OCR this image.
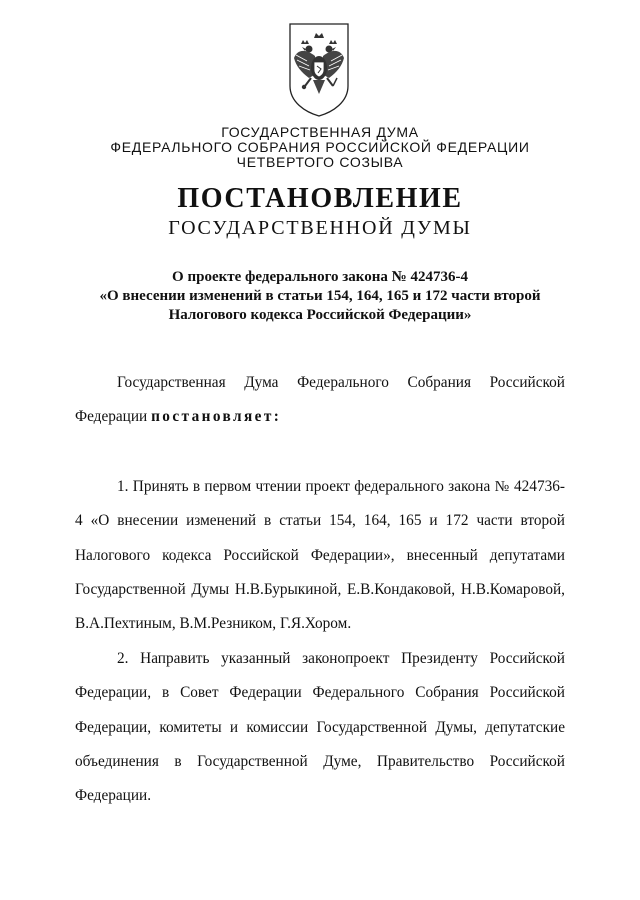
ГОСУДАРСТВЕННАЯ ДУМА
ФЕДЕРАЛЬНОГО СОБРАНИЯ РОССИЙСКОЙ ФЕДЕРАЦИИ
ЧЕТВЕРТОГО СОЗЫВА
ПОСТАНОВЛЕНИЕ
ГОСУДАРСТВЕННОЙ ДУМЫ
О проекте федерального закона № 424736-4
«О внесении изменений в статьи 154, 164, 165 и 172 части второй
Налогового кодекса Российской Федерации»

Государственная Дума Федерального Собрания Российской Федерации постановляет:

1. Принять в первом чтении проект федерального закона № 424736-4 «О внесении изменений в статьи 154, 164, 165 и 172 части второй Налогового кодекса Российской Федерации», внесенный депутатами Государственной Думы Н.В.Бурыкиной, Е.В.Кондаковой, Н.В.Комаровой, В.А.Пехтиным, В.М.Резником, Г.Я.Хором.

2. Направить указанный законопроект Президенту Российской Федерации, в Совет Федерации Федерального Собрания Российской Федерации, комитеты и комиссии Государственной Думы, депутатские объединения в Государственной Думе, Правительство Российской Федерации.
